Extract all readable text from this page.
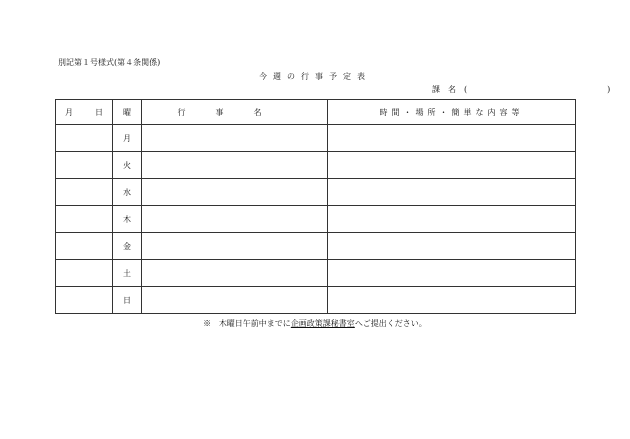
別記第１号様式(第４条関係)
今週の行事予定表
課名(	)
月 日	曜	行事名	時間・場所・簡単な内容等
	月		
	火		
	水		
	木		
	金		
	土		
	日		
※ 木曜日午前中までに企画政策課秘書室へご提出ください。
